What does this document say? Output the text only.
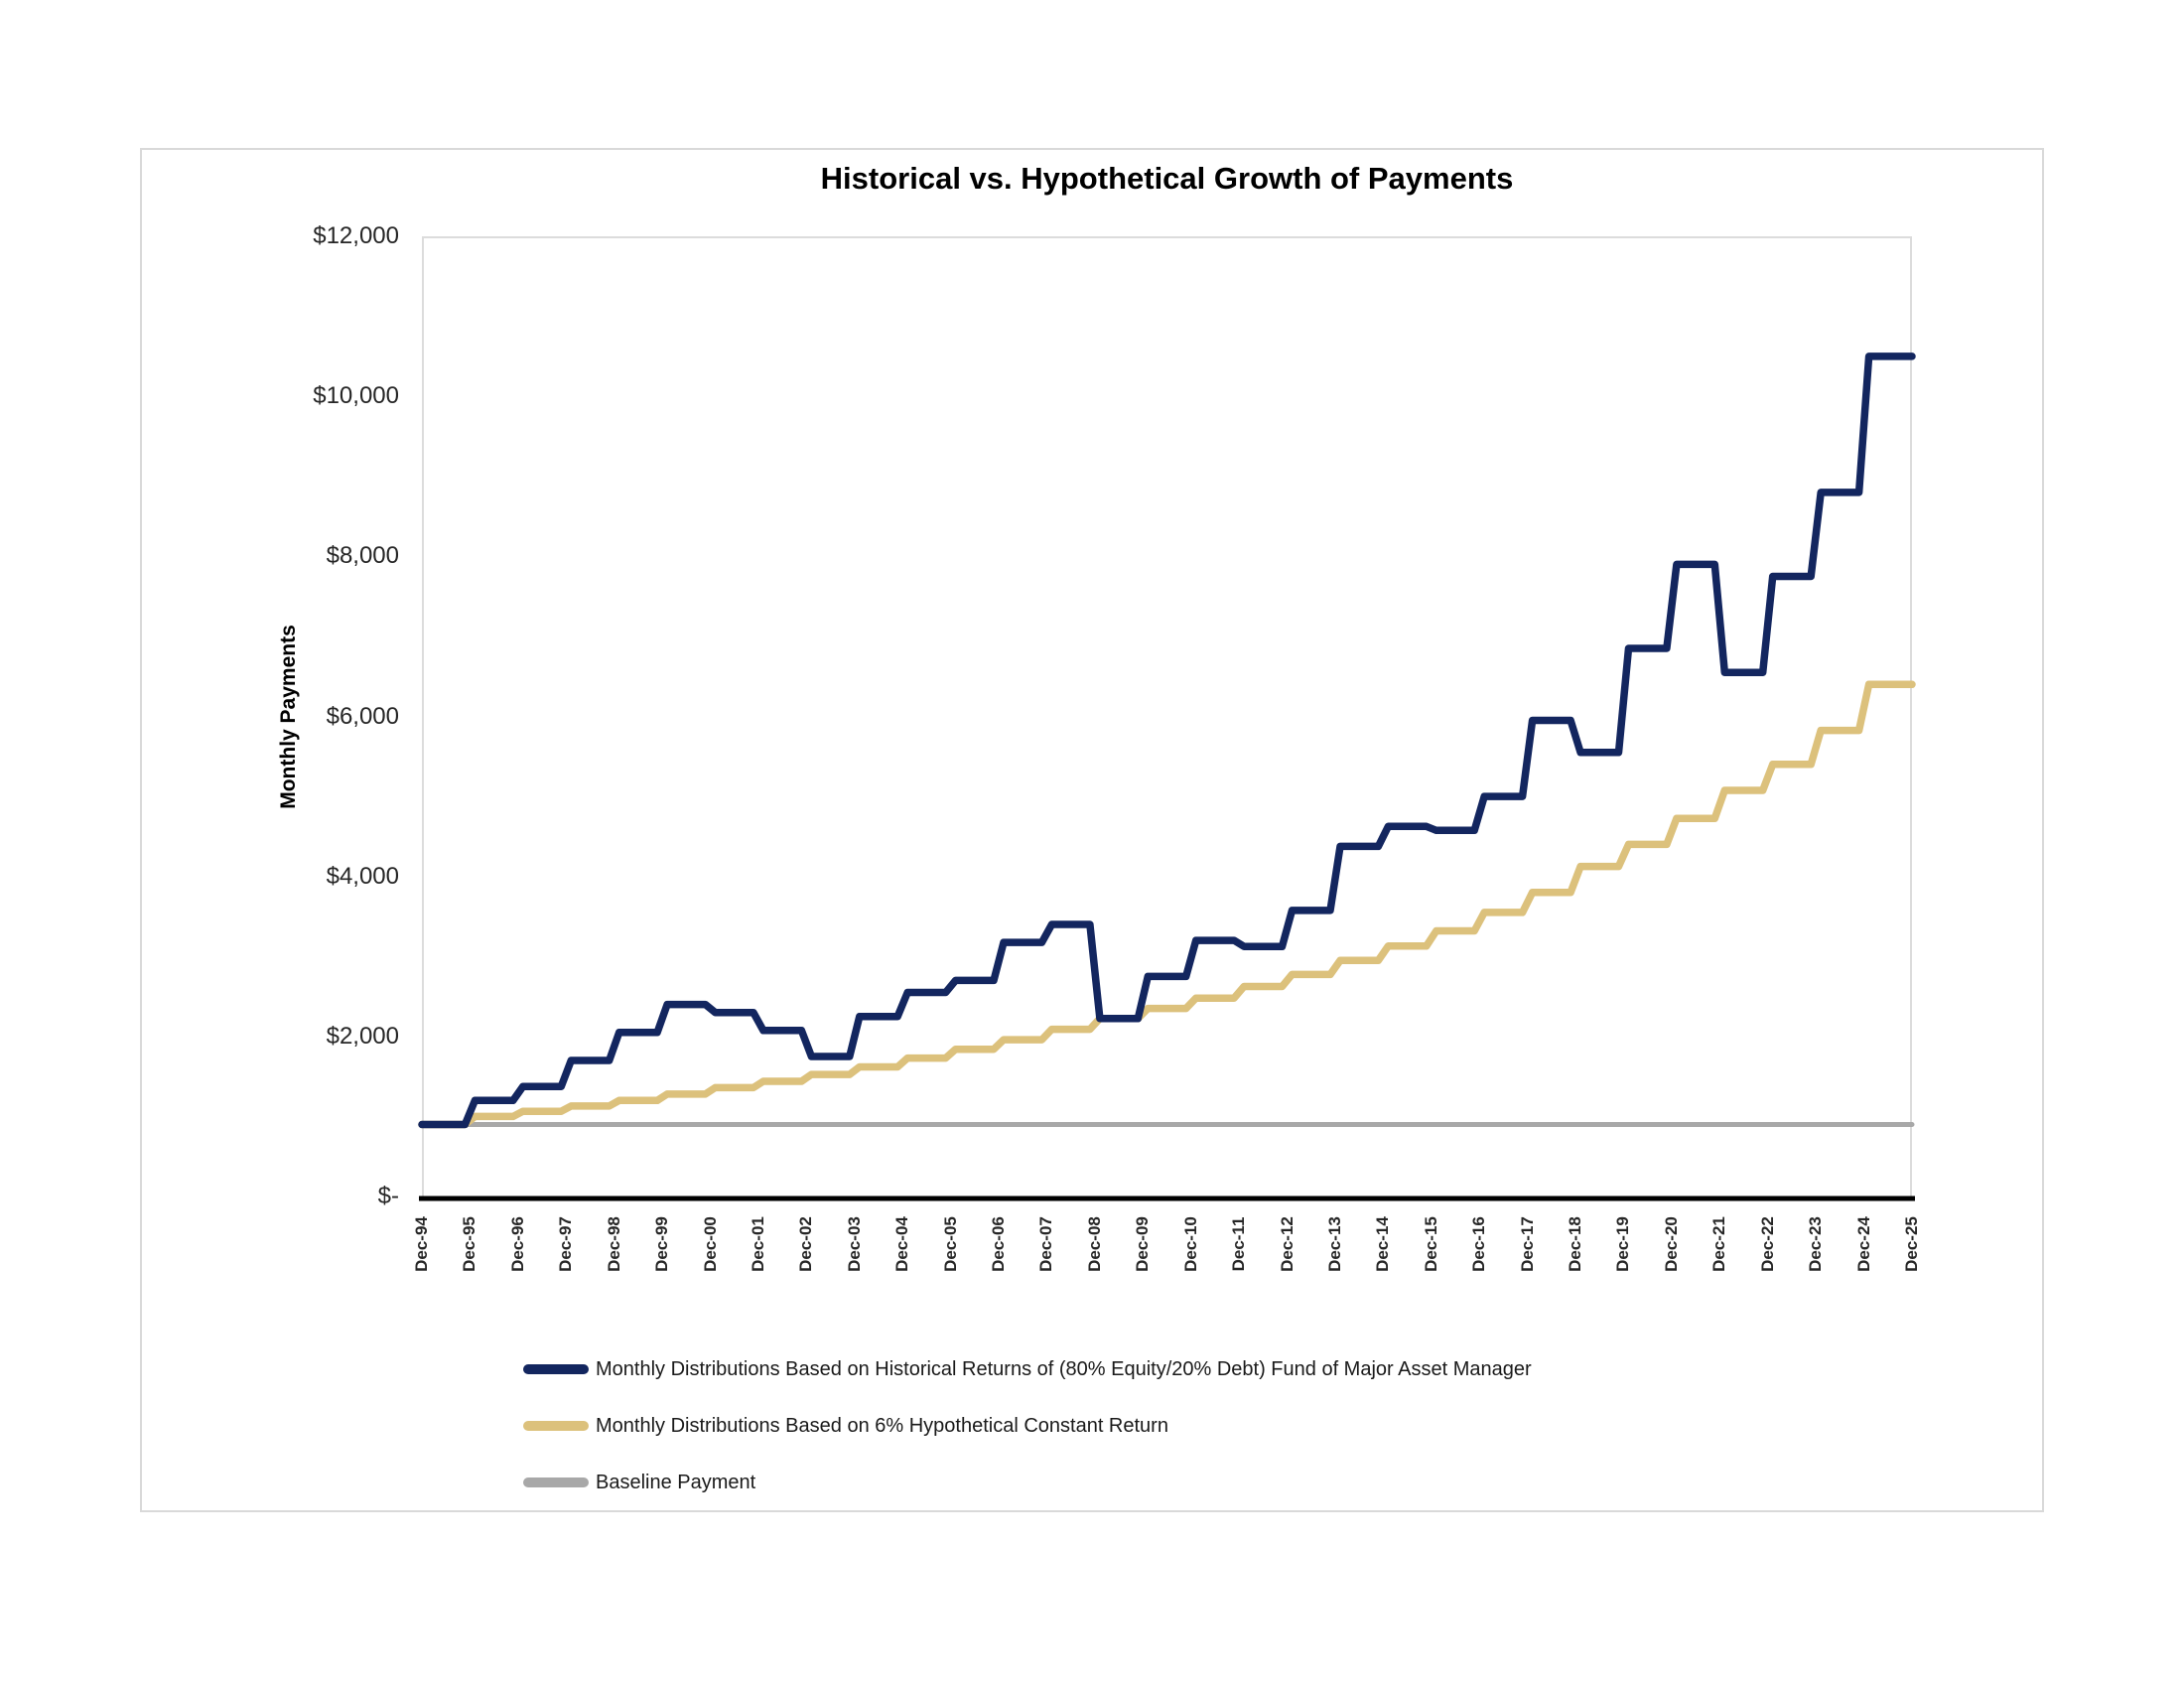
Historical vs. Hypothetical Growth of Payments
Monthly Payments
$12,000
$10,000
$8,000
$6,000
$4,000
$2,000
$-
Dec-94 Dec-95 Dec-96 Dec-97 Dec-98 Dec-99 Dec-00 Dec-01 Dec-02 Dec-03 Dec-04 Dec-05 Dec-06 Dec-07 Dec-08 Dec-09 Dec-10 Dec-11 Dec-12 Dec-13 Dec-14 Dec-15 Dec-16 Dec-17 Dec-18 Dec-19 Dec-20 Dec-21 Dec-22 Dec-23 Dec-24 Dec-25
Monthly Distributions Based on Historical Returns of (80% Equity/20% Debt) Fund of Major Asset Manager
Monthly Distributions Based on 6% Hypothetical Constant Return
Baseline Payment
